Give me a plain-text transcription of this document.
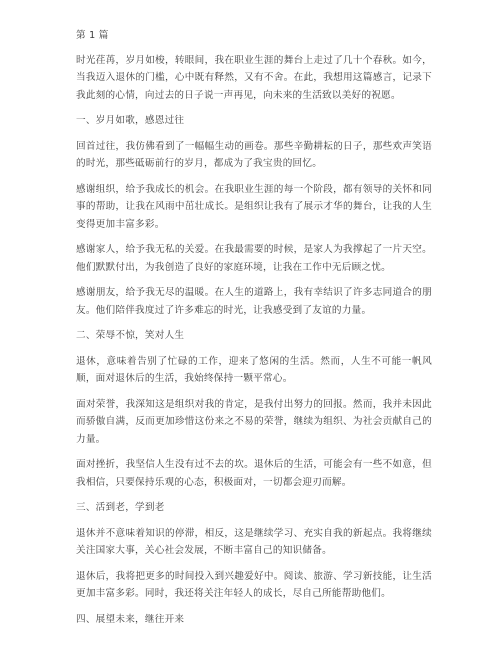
第 1 篇
时光荏苒，岁月如梭，转眼间，我在职业生涯的舞台上走过了几十个春秋。如今，当我迈入退休的门槛，心中既有释然，又有不舍。在此，我想用这篇感言，记录下我此刻的心情，向过去的日子说一声再见，向未来的生活致以美好的祝愿。
一、岁月如歌，感恩过往
回首过往，我仿佛看到了一幅幅生动的画卷。那些辛勤耕耘的日子，那些欢声笑语的时光，那些砥砺前行的岁月，都成为了我宝贵的回忆。
感谢组织，给予我成长的机会。在我职业生涯的每一个阶段，都有领导的关怀和同事的帮助，让我在风雨中茁壮成长。是组织让我有了展示才华的舞台，让我的人生变得更加丰富多彩。
感谢家人，给予我无私的关爱。在我最需要的时候，是家人为我撑起了一片天空。他们默默付出，为我创造了良好的家庭环境，让我在工作中无后顾之忧。
感谢朋友，给予我无尽的温暖。在人生的道路上，我有幸结识了许多志同道合的朋友。他们陪伴我度过了许多难忘的时光，让我感受到了友谊的力量。
二、荣辱不惊，笑对人生
退休，意味着告别了忙碌的工作，迎来了悠闲的生活。然而，人生不可能一帆风顺，面对退休后的生活，我始终保持一颗平常心。
面对荣誉，我深知这是组织对我的肯定，是我付出努力的回报。然而，我并未因此而骄傲自满，反而更加珍惜这份来之不易的荣誉，继续为组织、为社会贡献自己的力量。
面对挫折，我坚信人生没有过不去的坎。退休后的生活，可能会有一些不如意，但我相信，只要保持乐观的心态，积极面对，一切都会迎刃而解。
三、活到老，学到老
退休并不意味着知识的停滞，相反，这是继续学习、充实自我的新起点。我将继续关注国家大事，关心社会发展，不断丰富自己的知识储备。
退休后，我将把更多的时间投入到兴趣爱好中。阅读、旅游、学习新技能，让生活更加丰富多彩。同时，我还将关注年轻人的成长，尽自己所能帮助他们。
四、展望未来，继往开来
